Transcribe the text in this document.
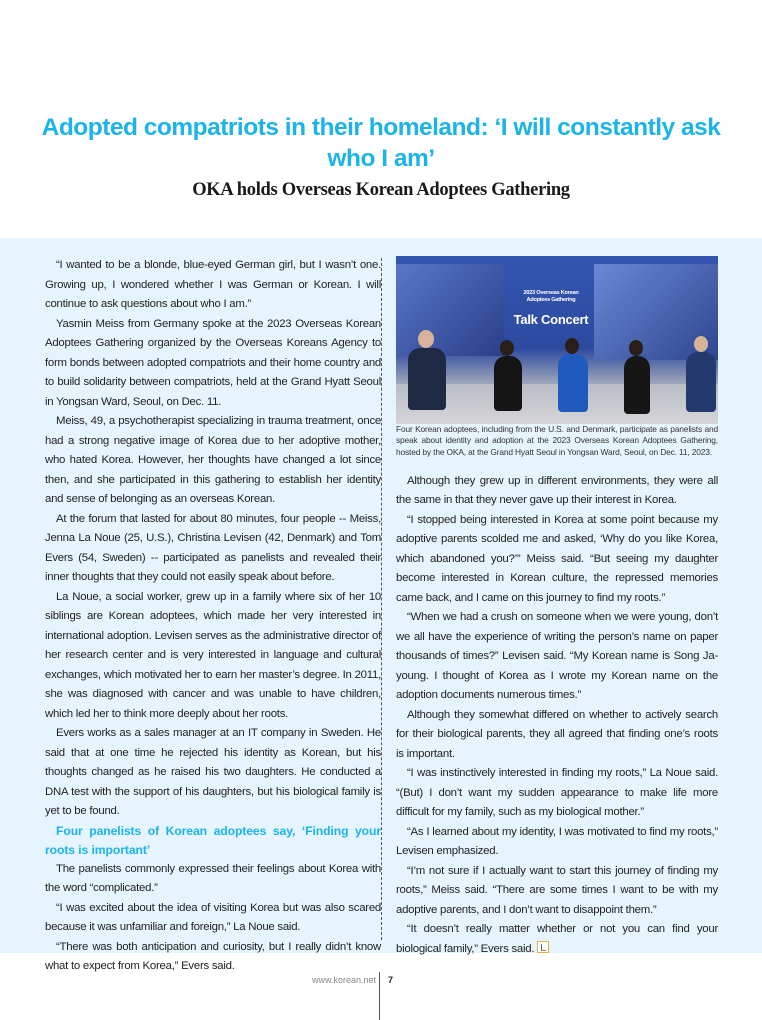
Adopted compatriots in their homeland: ‘I will constantly ask who I am’
OKA holds Overseas Korean Adoptees Gathering

“I wanted to be a blonde, blue-eyed German girl, but I wasn’t one. Growing up, I wondered whether I was German or Korean. I will continue to ask questions about who I am.”

Yasmin Meiss from Germany spoke at the 2023 Overseas Korean Adoptees Gathering organized by the Overseas Koreans Agency to form bonds between adopted compatriots and their home country and to build solidarity between compatriots, held at the Grand Hyatt Seoul in Yongsan Ward, Seoul, on Dec. 11.

Meiss, 49, a psychotherapist specializing in trauma treatment, once had a strong negative image of Korea due to her adoptive mother, who hated Korea. However, her thoughts have changed a lot since then, and she participated in this gathering to establish her identity and sense of belonging as an overseas Korean.

At the forum that lasted for about 80 minutes, four people -- Meiss, Jenna La Noue (25, U.S.), Christina Levisen (42, Denmark) and Tom Evers (54, Sweden) -- participated as panelists and revealed their inner thoughts that they could not easily speak about before.

La Noue, a social worker, grew up in a family where six of her 10 siblings are Korean adoptees, which made her very interested in international adoption. Levisen serves as the administrative director of her research center and is very interested in language and cultural exchanges, which motivated her to earn her master’s degree. In 2011, she was diagnosed with cancer and was unable to have children, which led her to think more deeply about her roots.

Evers works as a sales manager at an IT company in Sweden. He said that at one time he rejected his identity as Korean, but his thoughts changed as he raised his two daughters. He conducted a DNA test with the support of his daughters, but his biological family is yet to be found.

Four panelists of Korean adoptees say, ‘Finding your roots is important’

The panelists commonly expressed their feelings about Korea with the word “complicated.”

“I was excited about the idea of visiting Korea but was also scared because it was unfamiliar and foreign,” La Noue said.

“There was both anticipation and curiosity, but I really didn’t know what to expect from Korea,” Evers said.

2023 Overseas Korean
Adoptees Gathering
Talk Concert

Four Korean adoptees, including from the U.S. and Denmark, participate as panelists and speak about identity and adoption at the 2023 Overseas Korean Adoptees Gathering, hosted by the OKA, at the Grand Hyatt Seoul in Yongsan Ward, Seoul, on Dec. 11, 2023.

Although they grew up in different environments, they were all the same in that they never gave up their interest in Korea.

“I stopped being interested in Korea at some point because my adoptive parents scolded me and asked, ‘Why do you like Korea, which abandoned you?’” Meiss said. “But seeing my daughter become interested in Korean culture, the repressed memories came back, and I came on this journey to find my roots.”

“When we had a crush on someone when we were young, don’t we all have the experience of writing the person’s name on paper thousands of times?” Levisen said. “My Korean name is Song Ja-young. I thought of Korea as I wrote my Korean name on the adoption documents numerous times.”

Although they somewhat differed on whether to actively search for their biological parents, they all agreed that finding one’s roots is important.

“I was instinctively interested in finding my roots,” La Noue said. “(But) I don’t want my sudden appearance to make life more difficult for my family, such as my biological mother.”

“As I learned about my identity, I was motivated to find my roots,” Levisen emphasized.

“I’m not sure if I actually want to start this journey of finding my roots,” Meiss said. “There are some times I want to be with my adoptive parents, and I don’t want to disappoint them.”

“It doesn’t really matter whether or not you can find your biological family,” Evers said.

www.korean.net 7
